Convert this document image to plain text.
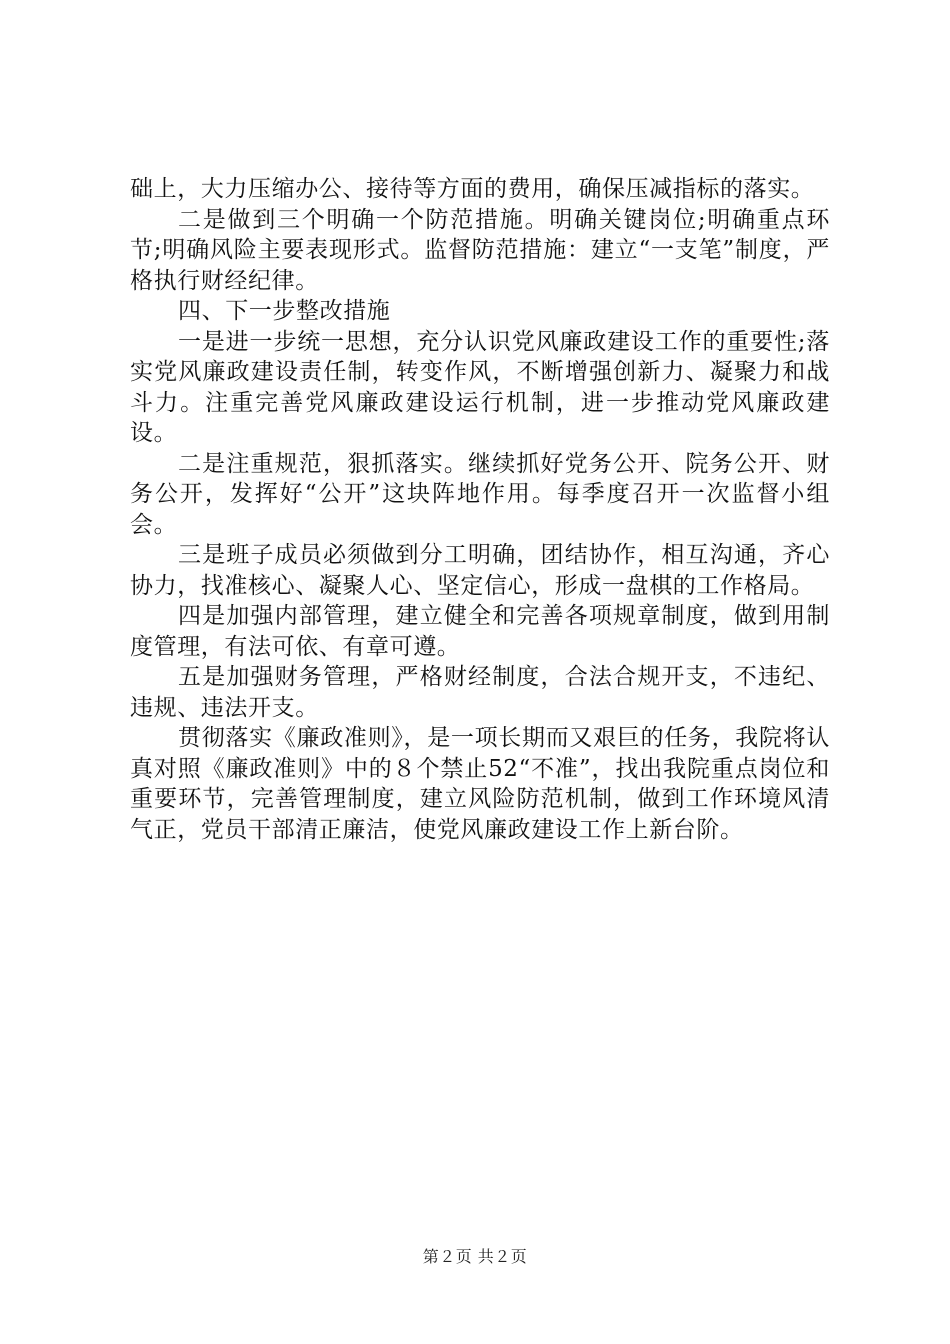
础上，大力压缩办公、接待等方面的费用，确保压减指标的落实。

二是做到三个明确一个防范措施。明确关键岗位;明确重点环节;明确风险主要表现形式。监督防范措施：建立“一支笔”制度，严格执行财经纪律。

四、下一步整改措施

一是进一步统一思想，充分认识党风廉政建设工作的重要性;落实党风廉政建设责任制，转变作风，不断增强创新力、凝聚力和战斗力。注重完善党风廉政建设运行机制，进一步推动党风廉政建设。

二是注重规范，狠抓落实。继续抓好党务公开、院务公开、财务公开，发挥好“公开”这块阵地作用。每季度召开一次监督小组会。

三是班子成员必须做到分工明确，团结协作，相互沟通，齐心协力，找准核心、凝聚人心、坚定信心，形成一盘棋的工作格局。

四是加强内部管理，建立健全和完善各项规章制度，做到用制度管理，有法可依、有章可遵。

五是加强财务管理，严格财经制度，合法合规开支，不违纪、违规、违法开支。

贯彻落实《廉政准则》，是一项长期而又艰巨的任务，我院将认真对照《廉政准则》中的８个禁止52“不准”，找出我院重点岗位和重要环节，完善管理制度，建立风险防范机制，做到工作环境风清气正，党员干部清正廉洁，使党风廉政建设工作上新台阶。

第２页 共２页
